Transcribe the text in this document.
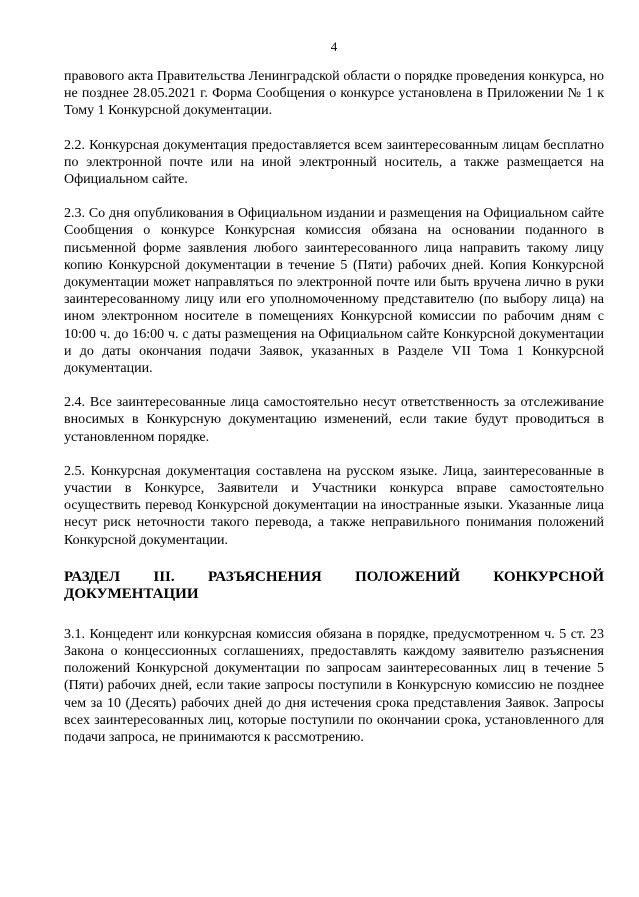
4

правового акта Правительства Ленинградской области о порядке проведения конкурса, но не позднее 28.05.2021 г. Форма Сообщения о конкурсе установлена в Приложении № 1 к Тому 1 Конкурсной документации.

2.2. Конкурсная документация предоставляется всем заинтересованным лицам бесплатно по электронной почте или на иной электронный носитель, а также размещается на Официальном сайте.

2.3. Со дня опубликования в Официальном издании и размещения на Официальном сайте Сообщения о конкурсе Конкурсная комиссия обязана на основании поданного в письменной форме заявления любого заинтересованного лица направить такому лицу копию Конкурсной документации в течение 5 (Пяти) рабочих дней. Копия Конкурсной документации может направляться по электронной почте или быть вручена лично в руки заинтересованному лицу или его уполномоченному представителю (по выбору лица) на ином электронном носителе в помещениях Конкурсной комиссии по рабочим дням с 10:00 ч. до 16:00 ч. с даты размещения на Официальном сайте Конкурсной документации и до даты окончания подачи Заявок, указанных в Разделе VII Тома 1 Конкурсной документации.

2.4. Все заинтересованные лица самостоятельно несут ответственность за отслеживание вносимых в Конкурсную документацию изменений, если такие будут проводиться в установленном порядке.

2.5. Конкурсная документация составлена на русском языке. Лица, заинтересованные в участии в Конкурсе, Заявители и Участники конкурса вправе самостоятельно осуществить перевод Конкурсной документации на иностранные языки. Указанные лица несут риск неточности такого перевода, а также неправильного понимания положений Конкурсной документации.

РАЗДЕЛ III. РАЗЪЯСНЕНИЯ ПОЛОЖЕНИЙ КОНКУРСНОЙ ДОКУМЕНТАЦИИ

3.1. Концедент или конкурсная комиссия обязана в порядке, предусмотренном ч. 5 ст. 23 Закона о концессионных соглашениях, предоставлять каждому заявителю разъяснения положений Конкурсной документации по запросам заинтересованных лиц в течение 5 (Пяти) рабочих дней, если такие запросы поступили в Конкурсную комиссию не позднее чем за 10 (Десять) рабочих дней до дня истечения срока представления Заявок. Запросы всех заинтересованных лиц, которые поступили по окончании срока, установленного для подачи запроса, не принимаются к рассмотрению.
